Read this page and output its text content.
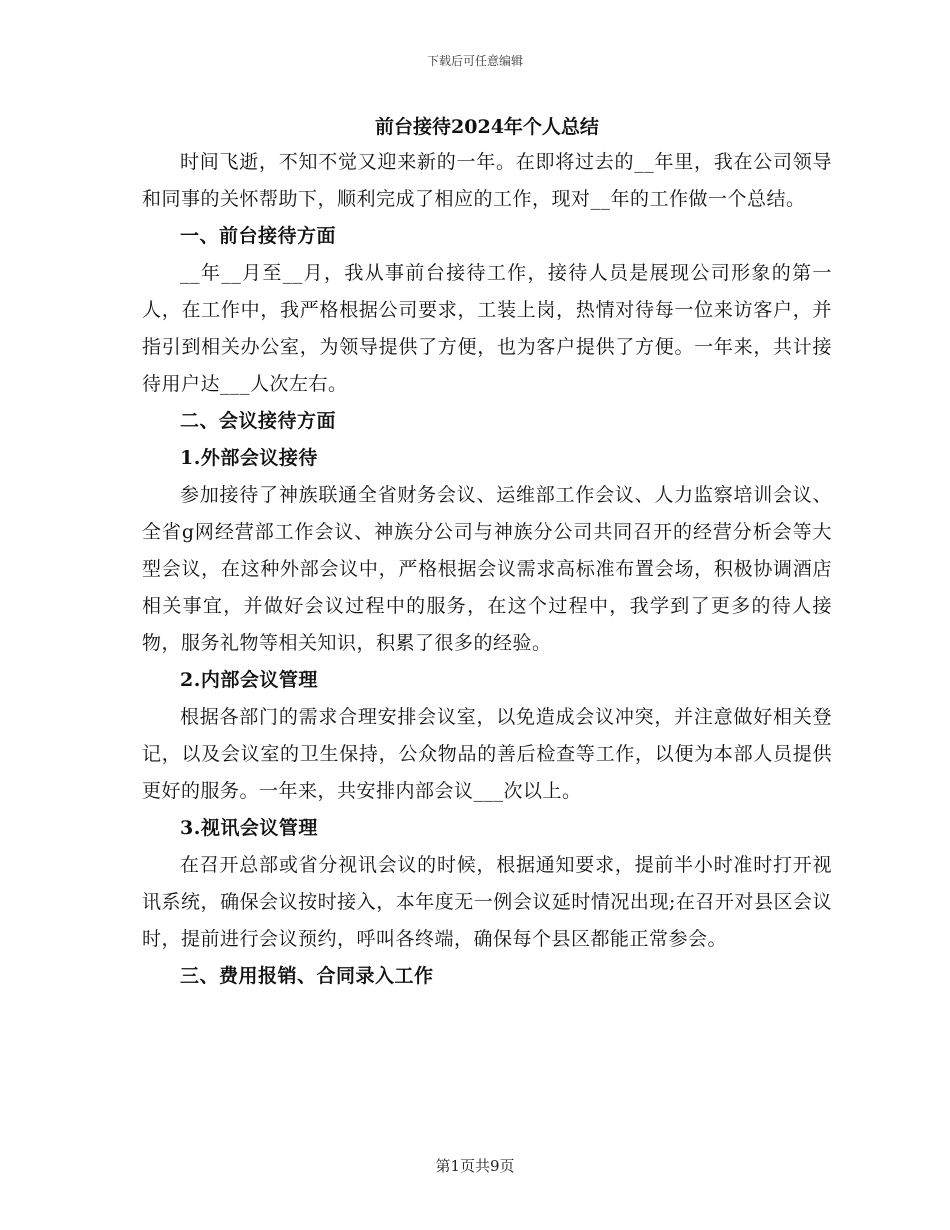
下载后可任意编辑
前台接待2024年个人总结

时间飞逝，不知不觉又迎来新的一年。在即将过去的__年里，我在公司领导和同事的关怀帮助下，顺利完成了相应的工作，现对__年的工作做一个总结。

一、前台接待方面

__年__月至__月，我从事前台接待工作，接待人员是展现公司形象的第一人，在工作中，我严格根据公司要求，工装上岗，热情对待每一位来访客户，并指引到相关办公室，为领导提供了方便，也为客户提供了方便。一年来，共计接待用户达___人次左右。

二、会议接待方面

1.外部会议接待

参加接待了神族联通全省财务会议、运维部工作会议、人力监察培训会议、全省g网经营部工作会议、神族分公司与神族分公司共同召开的经营分析会等大型会议，在这种外部会议中，严格根据会议需求高标准布置会场，积极协调酒店相关事宜，并做好会议过程中的服务，在这个过程中，我学到了更多的待人接物，服务礼物等相关知识，积累了很多的经验。

2.内部会议管理

根据各部门的需求合理安排会议室，以免造成会议冲突，并注意做好相关登记，以及会议室的卫生保持，公众物品的善后检查等工作，以便为本部人员提供更好的服务。一年来，共安排内部会议___次以上。

3.视讯会议管理

在召开总部或省分视讯会议的时候，根据通知要求，提前半小时准时打开视讯系统，确保会议按时接入，本年度无一例会议延时情况出现;在召开对县区会议时，提前进行会议预约，呼叫各终端，确保每个县区都能正常参会。

三、费用报销、合同录入工作

第1页共9页
